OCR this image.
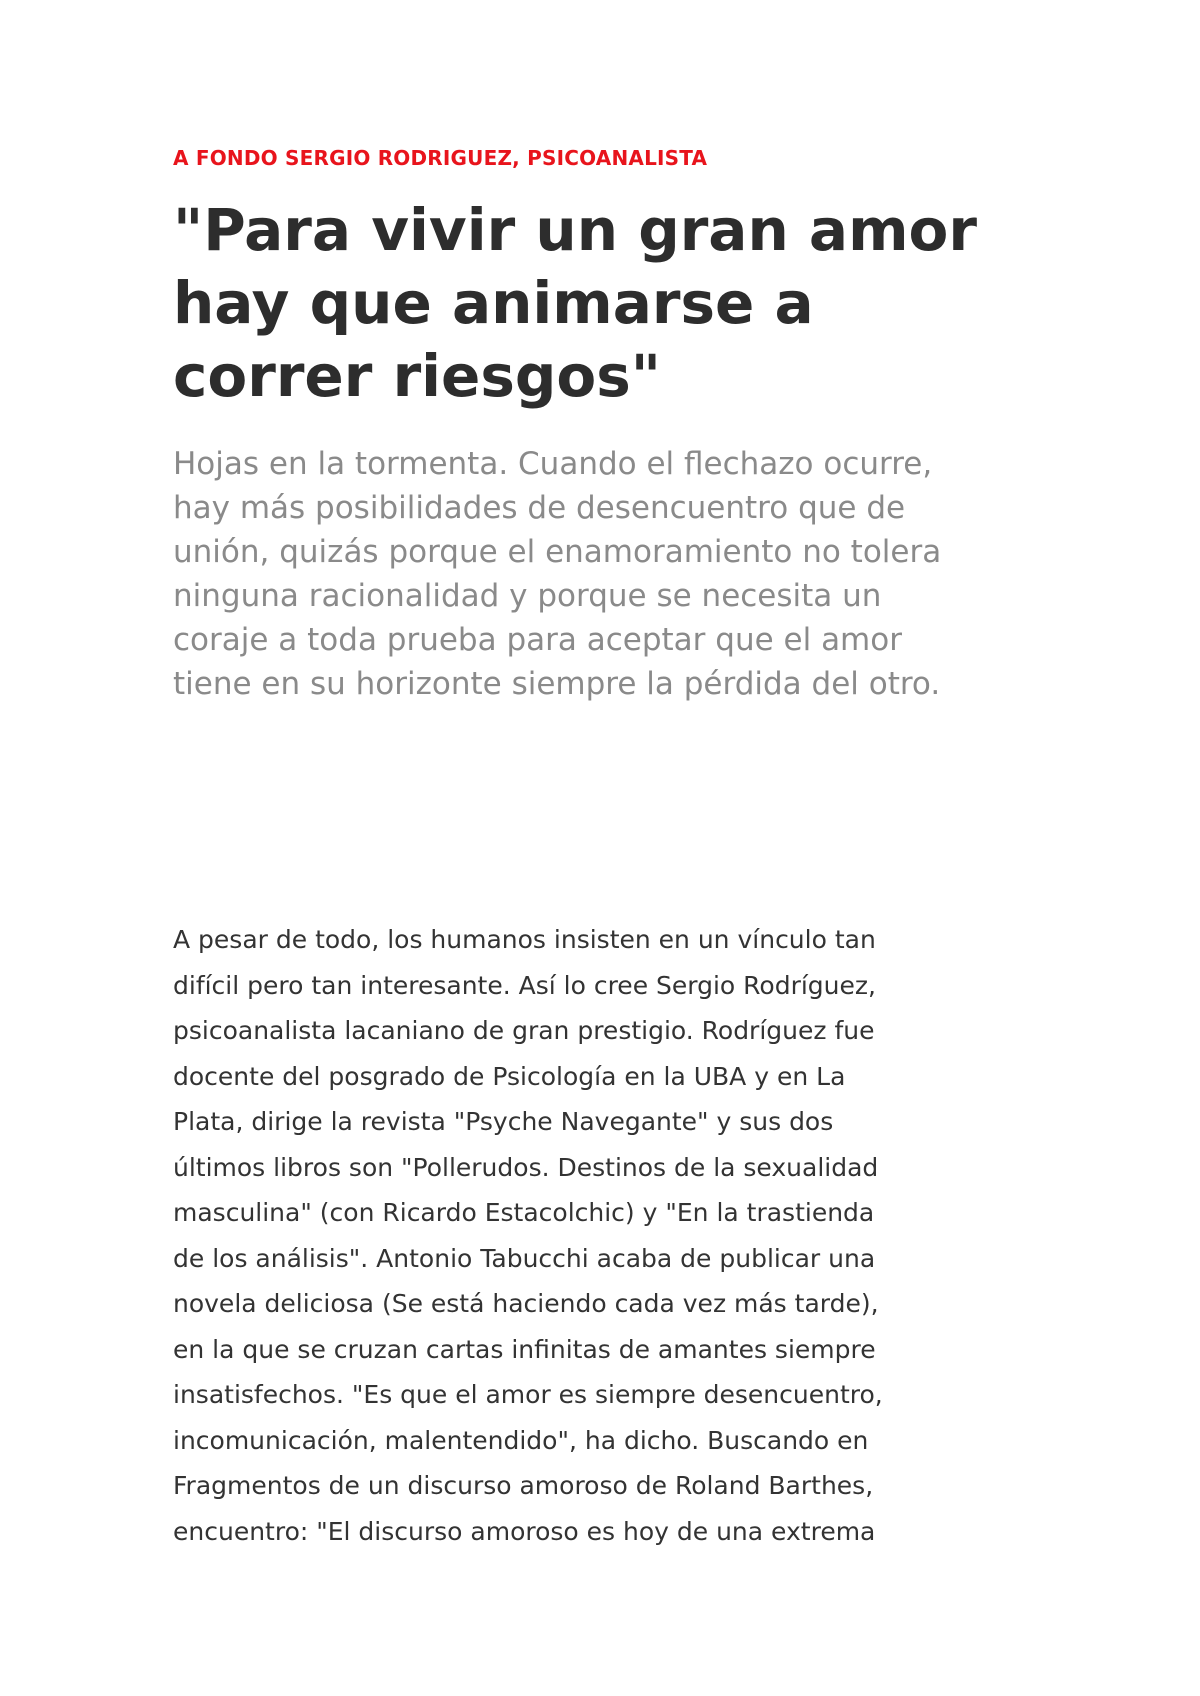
A FONDO SERGIO RODRIGUEZ, PSICOANALISTA

"Para vivir un gran amor
hay que animarse a
correr riesgos"

Hojas en la tormenta. Cuando el flechazo ocurre,
hay más posibilidades de desencuentro que de
unión, quizás porque el enamoramiento no tolera
ninguna racionalidad y porque se necesita un
coraje a toda prueba para aceptar que el amor
tiene en su horizonte siempre la pérdida del otro.

A pesar de todo, los humanos insisten en un vínculo tan
difícil pero tan interesante. Así lo cree Sergio Rodríguez,
psicoanalista lacaniano de gran prestigio. Rodríguez fue
docente del posgrado de Psicología en la UBA y en La
Plata, dirige la revista "Psyche Navegante" y sus dos
últimos libros son "Pollerudos. Destinos de la sexualidad
masculina" (con Ricardo Estacolchic) y "En la trastienda
de los análisis". Antonio Tabucchi acaba de publicar una
novela deliciosa (Se está haciendo cada vez más tarde),
en la que se cruzan cartas infinitas de amantes siempre
insatisfechos. "Es que el amor es siempre desencuentro,
incomunicación, malentendido", ha dicho. Buscando en
Fragmentos de un discurso amoroso de Roland Barthes,
encuentro: "El discurso amoroso es hoy de una extrema
